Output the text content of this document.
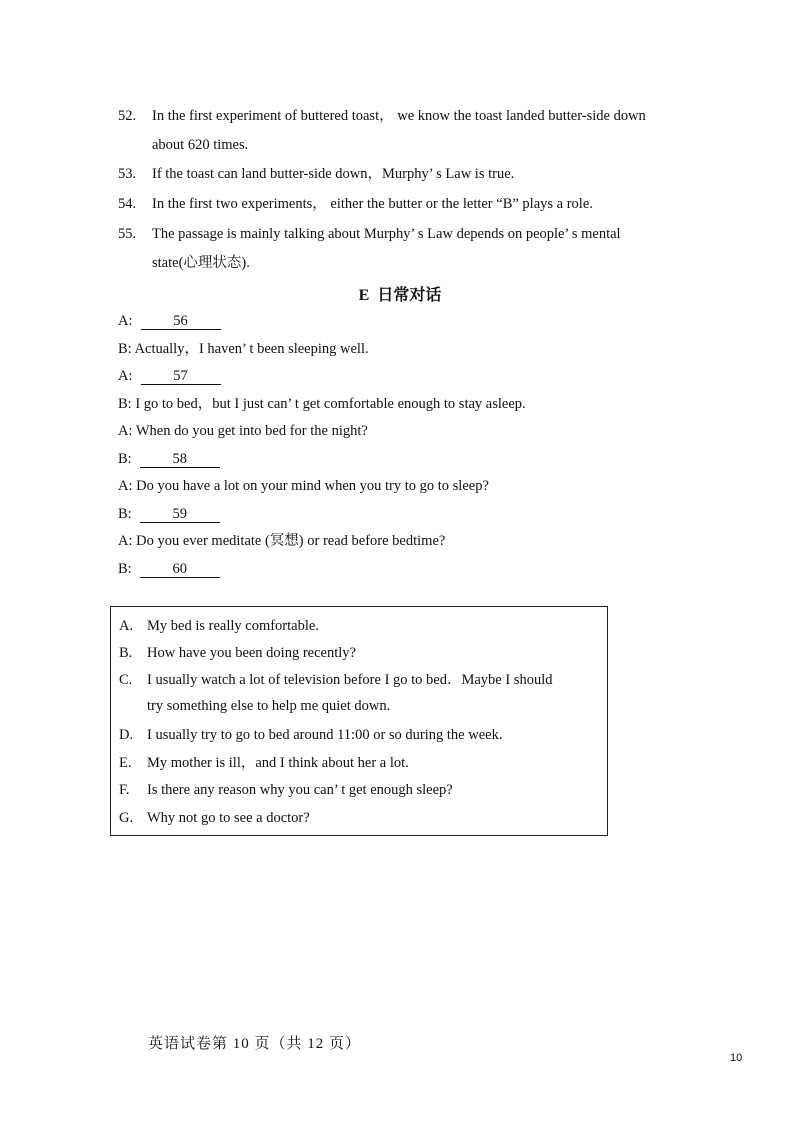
52. In the first experiment of buttered toast， we know the toast landed butter-side down
about 620 times.
53. If the toast can land butter-side down，Murphy’ s Law is true.
54. In the first two experiments， either the butter or the letter “B” plays a role.
55. The passage is mainly talking about Murphy’ s Law depends on people’ s mental
state(心理状态).
E 日常对话
A:	56
B: Actually，I haven’ t been sleeping well.
A:	57
B: I go to bed，but I just can’ t get comfortable enough to stay asleep.
A: When do you get into bed for the night?
B:	58
A: Do you have a lot on your mind when you try to go to sleep?
B:	59
A: Do you ever meditate (冥想) or read before bedtime?
B:	60
A. My bed is really comfortable.
B. How have you been doing recently?
C. I usually watch a lot of television before I go to bed．Maybe I should
try something else to help me quiet down.
D. I usually try to go to bed around 11:00 or so during the week.
E. My mother is ill，and I think about her a lot.
F. Is there any reason why you can’ t get enough sleep?
G. Why not go to see a doctor?
英语试卷第 10 页（共 12 页）
10
